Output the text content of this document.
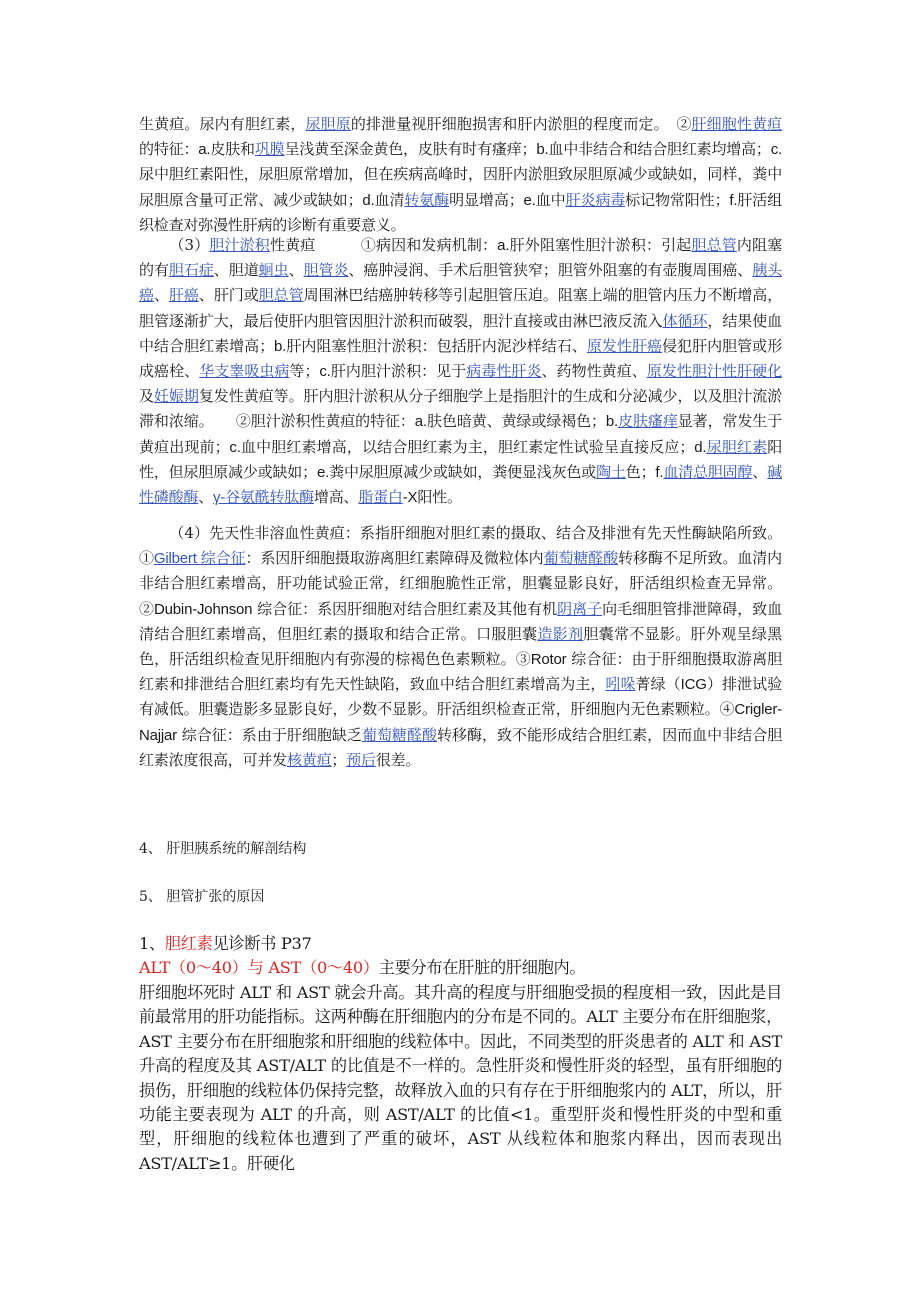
生黄疸。尿内有胆红素，尿胆原的排泄量视肝细胞损害和肝内淤胆的程度而定。　②肝细胞性黄疸的特征：a.皮肤和巩膜呈浅黄至深金黄色，皮肤有时有瘙痒；b.血中非结合和结合胆红素均增高；c.尿中胆红素阳性，尿胆原常增加，但在疾病高峰时，因肝内淤胆致尿胆原减少或缺如，同样，粪中尿胆原含量可正常、减少或缺如；d.血清转氨酶明显增高；e.血中肝炎病毒标记物常阳性；f.肝活组织检查对弥漫性肝病的诊断有重要意义。

（3）胆汁淤积性黄疸　　　①病因和发病机制：a.肝外阻塞性胆汁淤积：引起胆总管内阻塞的有胆石症、胆道蛔虫、胆管炎、癌肿浸润、手术后胆管狭窄；胆管外阻塞的有壶腹周围癌、胰头癌、肝癌、肝门或胆总管周围淋巴结癌肿转移等引起胆管压迫。阻塞上端的胆管内压力不断增高，胆管逐渐扩大，最后使肝内胆管因胆汁淤积而破裂，胆汁直接或由淋巴液反流入体循环，结果使血中结合胆红素增高；b.肝内阻塞性胆汁淤积：包括肝内泥沙样结石、原发性肝癌侵犯肝内胆管或形成癌栓、华支睾吸虫病等；c.肝内胆汁淤积：见于病毒性肝炎、药物性黄疸、原发性胆汁性肝硬化及妊娠期复发性黄疸等。肝内胆汁淤积从分子细胞学上是指胆汁的生成和分泌减少，以及胆汁流淤滞和浓缩。　　②胆汁淤积性黄疸的特征：a.肤色暗黄、黄绿或绿褐色；b.皮肤瘙痒显著，常发生于黄疸出现前；c.血中胆红素增高，以结合胆红素为主，胆红素定性试验呈直接反应；d.尿胆红素阳性，但尿胆原减少或缺如；e.粪中尿胆原减少或缺如，粪便显浅灰色或陶土色；f.血清总胆固醇、碱性磷酸酶、γ-谷氨酰转肽酶增高、脂蛋白-X阳性。

（4）先天性非溶血性黄疸：系指肝细胞对胆红素的摄取、结合及排泄有先天性酶缺陷所致。①Gilbert 综合征：系因肝细胞摄取游离胆红素障碍及微粒体内葡萄糖醛酸转移酶不足所致。血清内非结合胆红素增高，肝功能试验正常，红细胞脆性正常，胆囊显影良好，肝活组织检查无异常。②Dubin-Johnson 综合征：系因肝细胞对结合胆红素及其他有机阴离子向毛细胆管排泄障碍，致血清结合胆红素增高，但胆红素的摄取和结合正常。口服胆囊造影剂胆囊常不显影。肝外观呈绿黑色，肝活组织检查见肝细胞内有弥漫的棕褐色色素颗粒。③Rotor 综合征：由于肝细胞摄取游离胆红素和排泄结合胆红素均有先天性缺陷，致血中结合胆红素增高为主，吲哚菁绿（ICG）排泄试验有减低。胆囊造影多显影良好，少数不显影。肝活组织检查正常，肝细胞内无色素颗粒。④Crigler-Najjar 综合征：系由于肝细胞缺乏葡萄糖醛酸转移酶，致不能形成结合胆红素，因而血中非结合胆红素浓度很高，可并发核黄疸；预后很差。

4、 肝胆胰系统的解剖结构

5、 胆管扩张的原因

1、胆红素见诊断书 P37

ALT（0～40）与 AST（0～40）主要分布在肝脏的肝细胞内。

肝细胞坏死时 ALT 和 AST 就会升高。其升高的程度与肝细胞受损的程度相一致，因此是目前最常用的肝功能指标。这两种酶在肝细胞内的分布是不同的。ALT 主要分布在肝细胞浆，AST 主要分布在肝细胞浆和肝细胞的线粒体中。因此，不同类型的肝炎患者的 ALT 和 AST 升高的程度及其 AST/ALT 的比值是不一样的。急性肝炎和慢性肝炎的轻型，虽有肝细胞的损伤，肝细胞的线粒体仍保持完整，故释放入血的只有存在于肝细胞浆内的 ALT，所以，肝功能主要表现为 ALT 的升高，则 AST/ALT 的比值<1。重型肝炎和慢性肝炎的中型和重型，肝细胞的线粒体也遭到了严重的破坏，AST 从线粒体和胞浆内释出，因而表现出 AST/ALT≥1。肝硬化
